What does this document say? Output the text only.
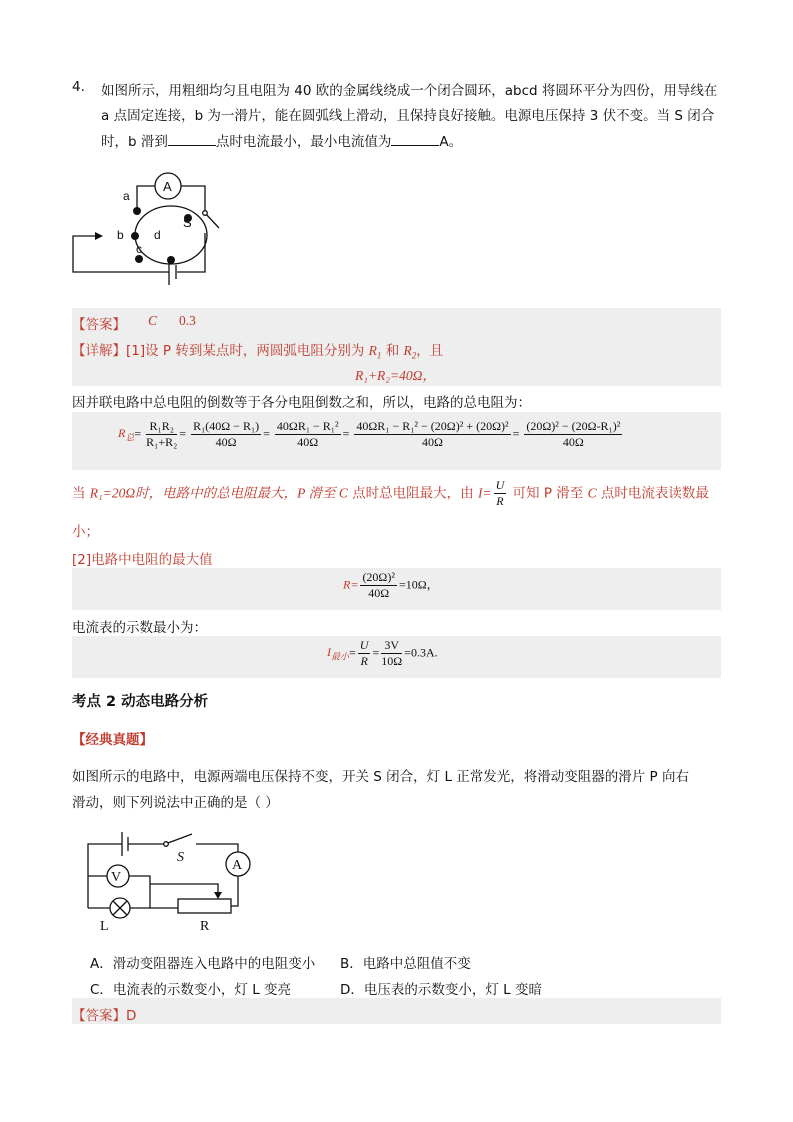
4. 如图所示，用粗细均匀且电阻为 40 欧的金属线绕成一个闭合圆环，abcd 将圆环平分为四份，用导线在
a 点固定连接，b 为一滑片，能在圆弧线上滑动，且保持良好接触。电源电压保持 3 伏不变。当 S 闭合
时，b 滑到	点时电流最小，最小电流值为	A。
A
a
b
c
d
S
【答案】 C 0.3
【详解】[1]设 P 转到某点时，两圆弧电阻分别为 $R_1$ 和 $R_2$，且
R₁+R₂=40Ω，
因并联电路中总电阻的倒数等于各分电阻倒数之和，所以，电路的总电阻为：
$R_总= \frac{\text{R₁R₂}}{\text{R₁+R₂}} = \frac{\text{R₁(40Ω − R₁)}}{40\Omega} = \frac{\text{40ΩR₁ − R₁²}}{40\Omega} = \frac{\text{40ΩR₁ − R₁² − (20Ω)² + (20Ω)²}}{40\Omega} = \frac{\text{(20Ω)² − (20Ω-R₁)²}}{40\Omega}$
当 R₁=20Ω时，电路中的总电阻最大，P 滑至 C 点时总电阻最大，由 $I= \frac{U}{R}$ 可知 P 滑至 C 点时电流表读数最
小；
[2]电路中电阻的最大值
$R= \frac{\text{(20Ω)²}}{40\Omega} =10\Omega$，
电流表的示数最小为：
$I_{最小}= \frac{U}{R} = \frac{3V}{10\Omega} =0.3A$.
考点 2 动态电路分析
【经典真题】
如图所示的电路中，电源两端电压保持不变，开关 S 闭合，灯 L 正常发光，将滑动变阻器的滑片 P 向右
滑动，则下列说法中正确的是（ ）
S
A
V
L	R
A．滑动变阻器连入电路中的电阻变小 B．电路中总阻值不变
C．电流表的示数变小，灯 L 变亮	D．电压表的示数变小，灯 L 变暗
【答案】D
